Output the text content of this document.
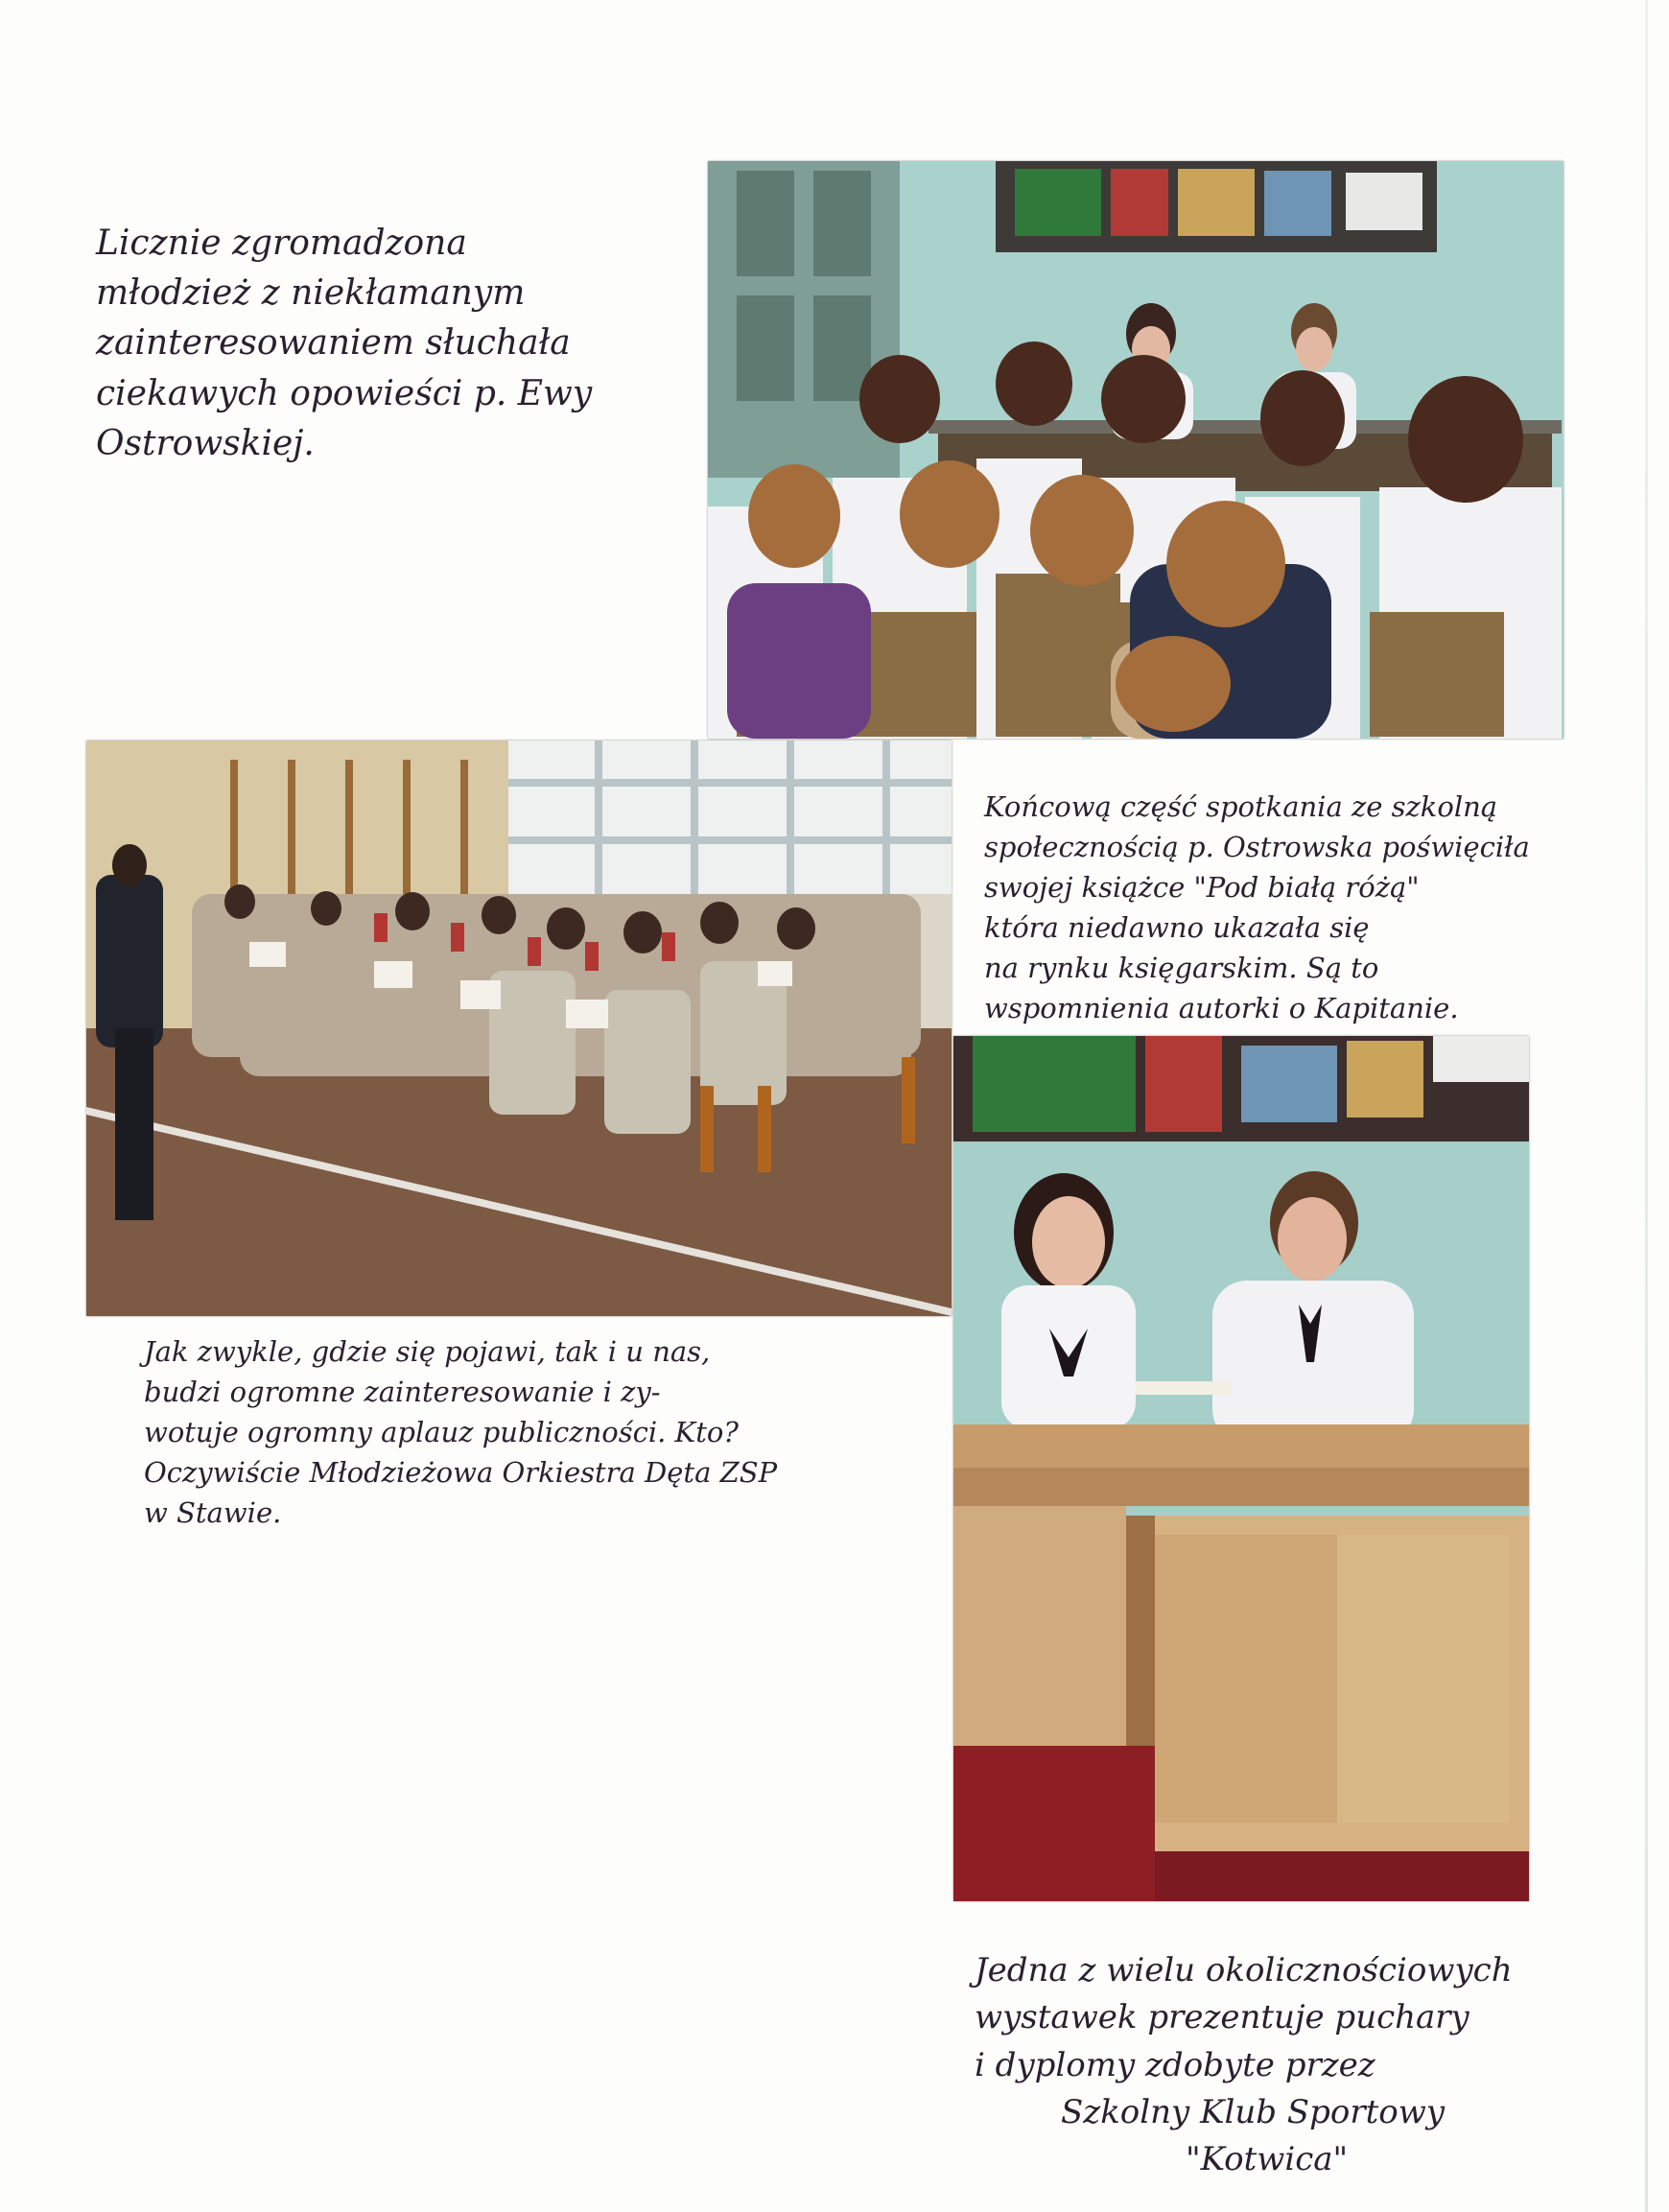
Licznie zgromadzona
młodzież z niekłamanym
zainteresowaniem słuchała
ciekawych opowieści p. Ewy
Ostrowskiej.

Końcową część spotkania ze szkolną
społecznością p. Ostrowska poświęciła
swojej książce "Pod białą różą"
która niedawno ukazała się
na rynku księgarskim. Są to
wspomnienia autorki o Kapitanie.

Jak zwykle, gdzie się pojawi, tak i u nas,
budzi ogromne zainteresowanie i zy-
wotuje ogromny aplauz publiczności. Kto?
Oczywiście Młodzieżowa Orkiestra Dęta ZSP
w Stawie.

Jedna z wielu okolicznościowych
wystawek prezentuje puchary
i dyplomy zdobyte przez
Szkolny Klub Sportowy
"Kotwica"
